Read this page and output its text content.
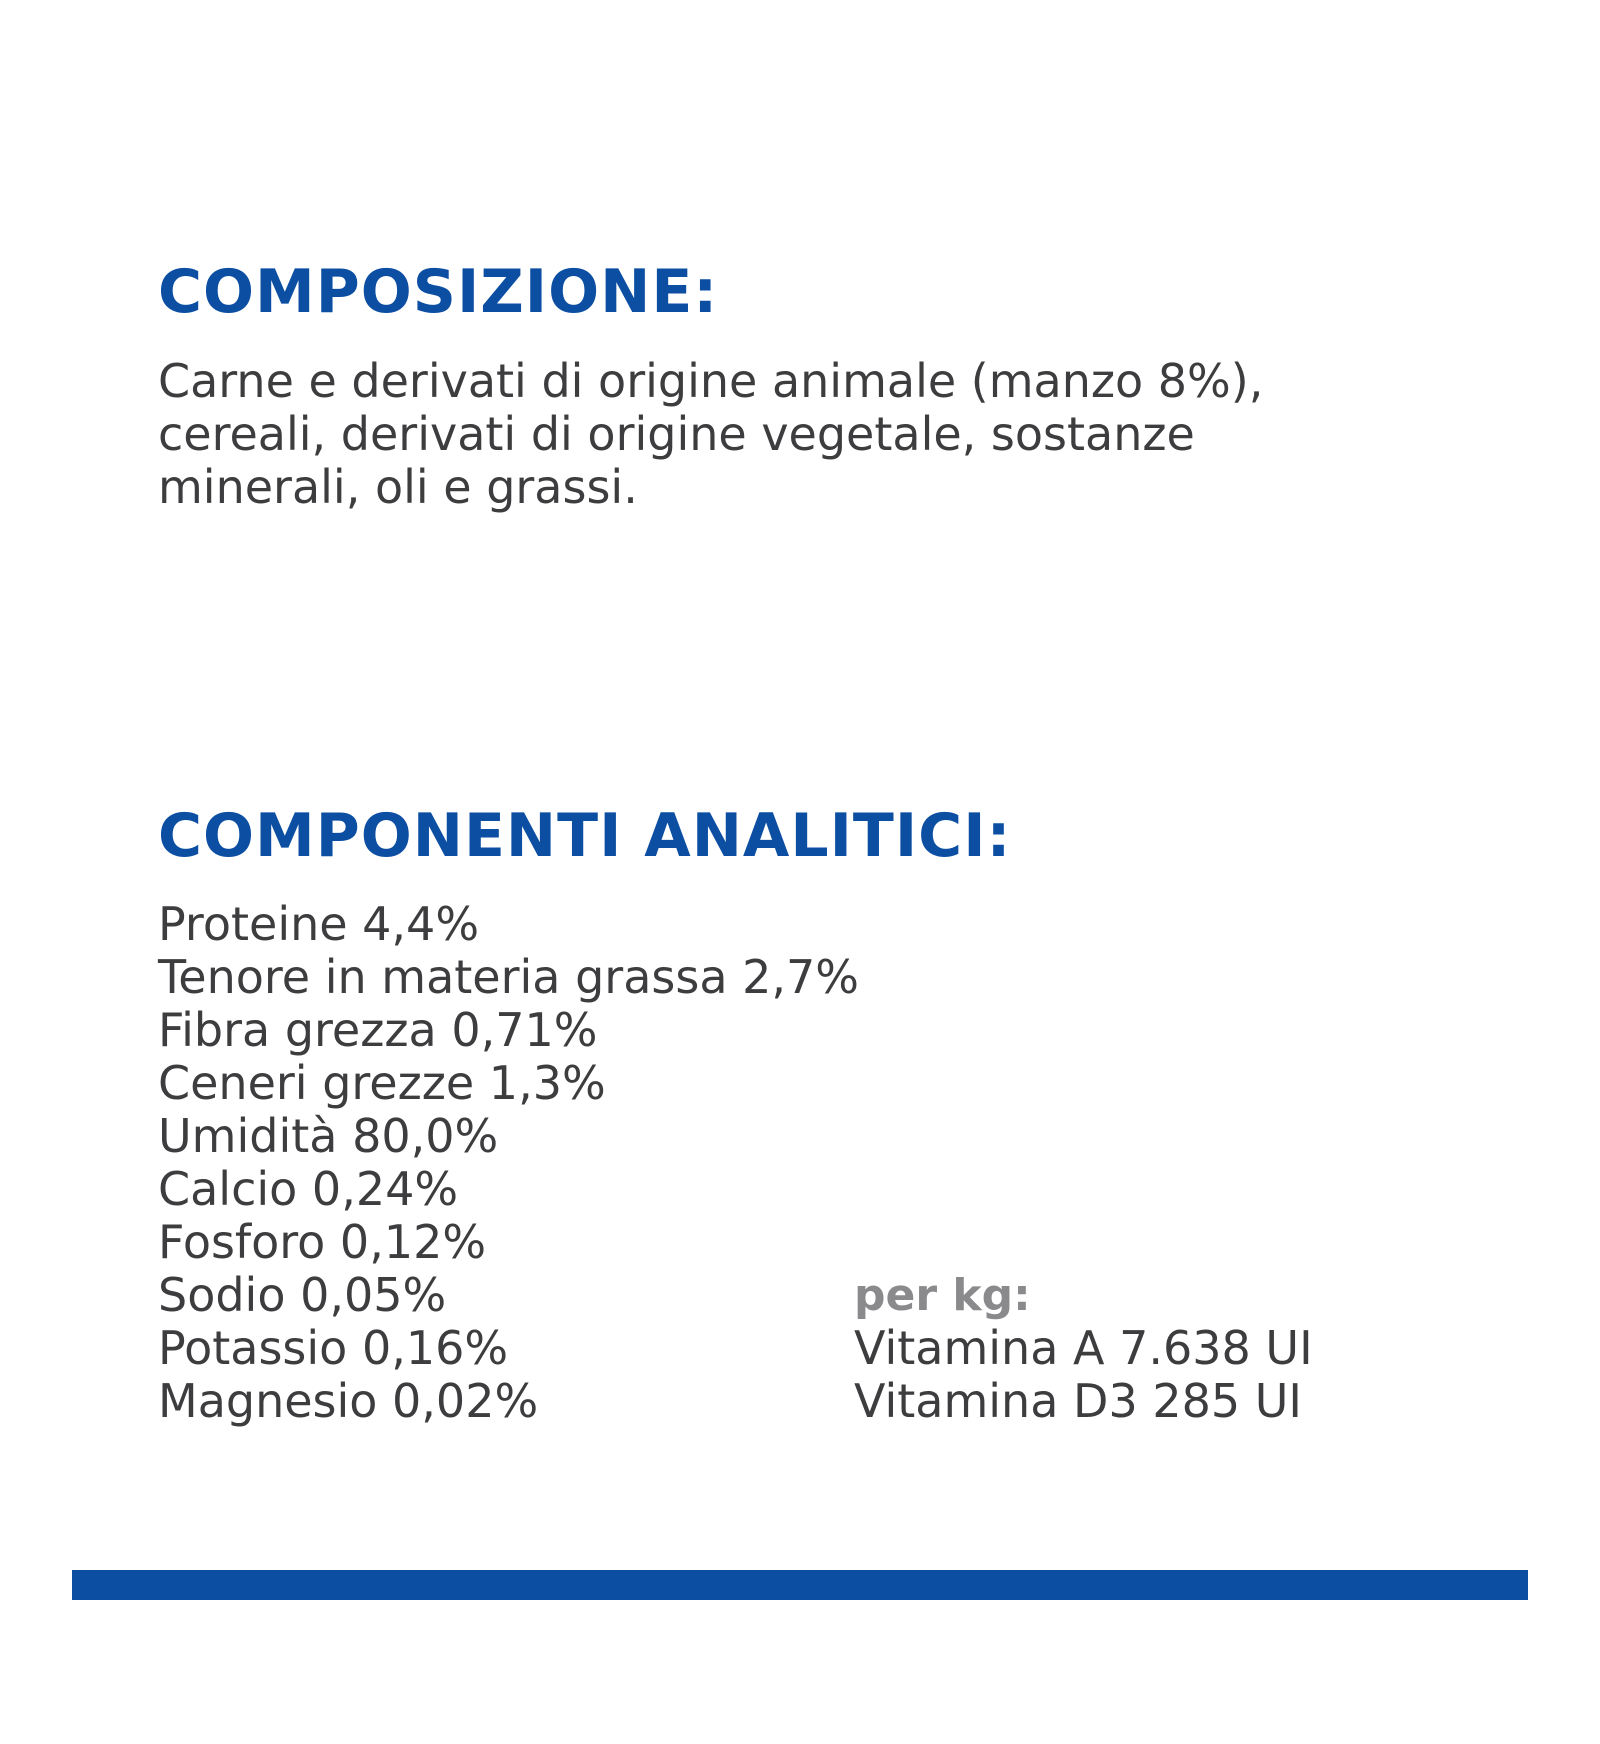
COMPOSIZIONE:

Carne e derivati di origine animale (manzo 8%),
cereali, derivati di origine vegetale, sostanze
minerali, oli e grassi.

COMPONENTI ANALITICI:
Proteine 4,4%
Tenore in materia grassa 2,7%
Fibra grezza 0,71%
Ceneri grezze 1,3%
Umidità 80,0%
Calcio 0,24%
Fosforo 0,12%
Sodio 0,05%
Potassio 0,16%
Magnesio 0,02%
per kg:
Vitamina A 7.638 UI
Vitamina D3 285 UI
